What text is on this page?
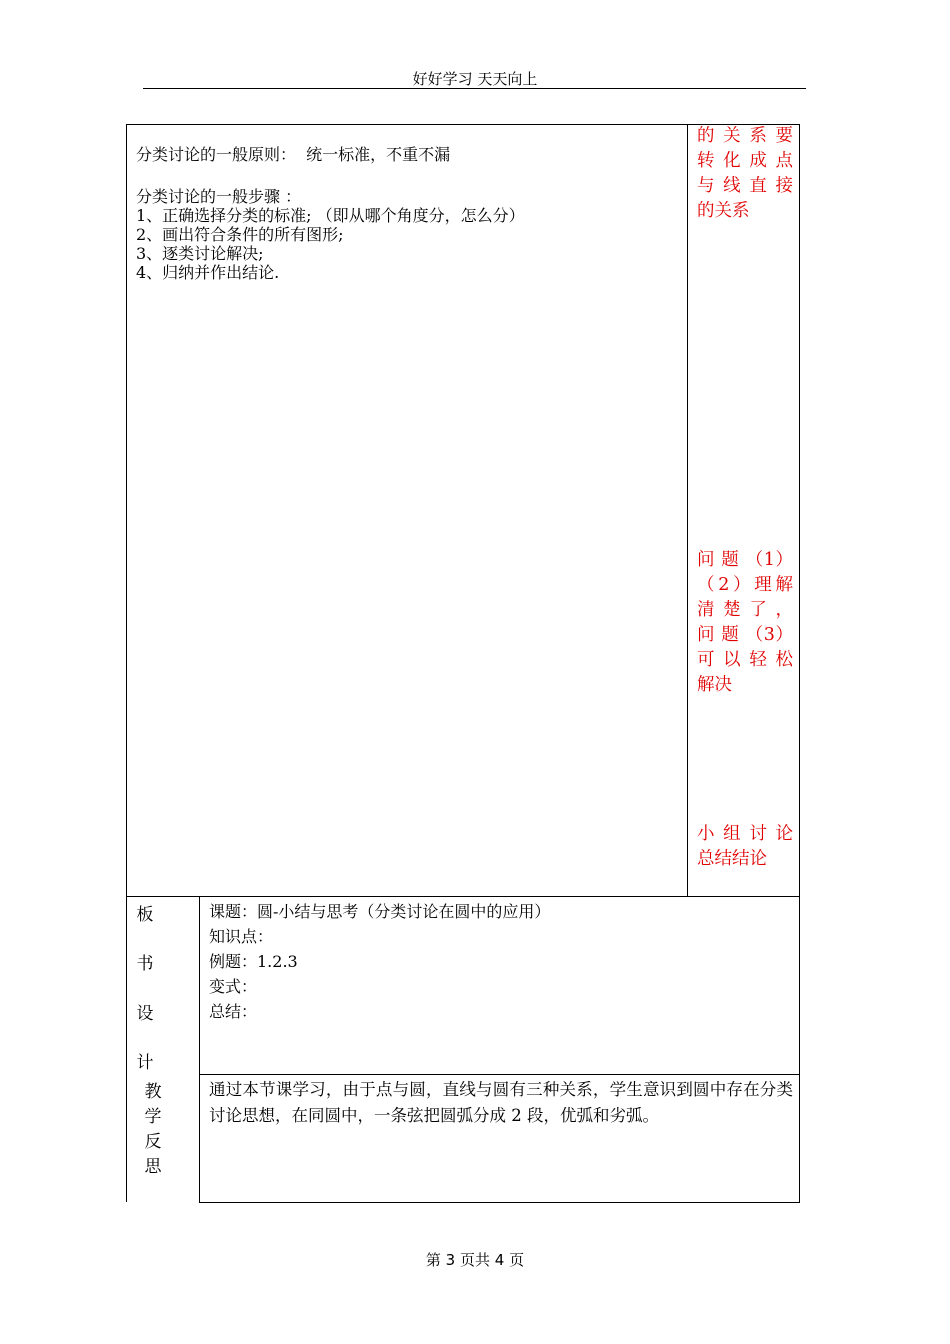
好好学习 天天向上
分类讨论的一般原则：  统一标准，不重不漏
分类讨论的一般步骤 ：
1、正确选择分类的标准; （即从哪个角度分，怎么分）
2、画出符合条件的所有图形;
3、逐类讨论解决;
4、归纳并作出结论.
的 关 系 要
转 化 成 点
与 线 直 接
的关系
问 题 （1）
（2）理解
清 楚 了 ，
问 题 （3）
可 以 轻 松
解决
小组讨论
总结结论
板
书
设
计
课题：圆-小结与思考（分类讨论在圆中的应用）
知识点：
例题：1.2.3
变式：
总结：
教
学
反
思
通过本节课学习，由于点与圆，直线与圆有三种关系，学生意识到圆中存在分类讨论思想，在同圆中，一条弦把圆弧分成 2 段，优弧和劣弧。
第 3 页共 4 页
